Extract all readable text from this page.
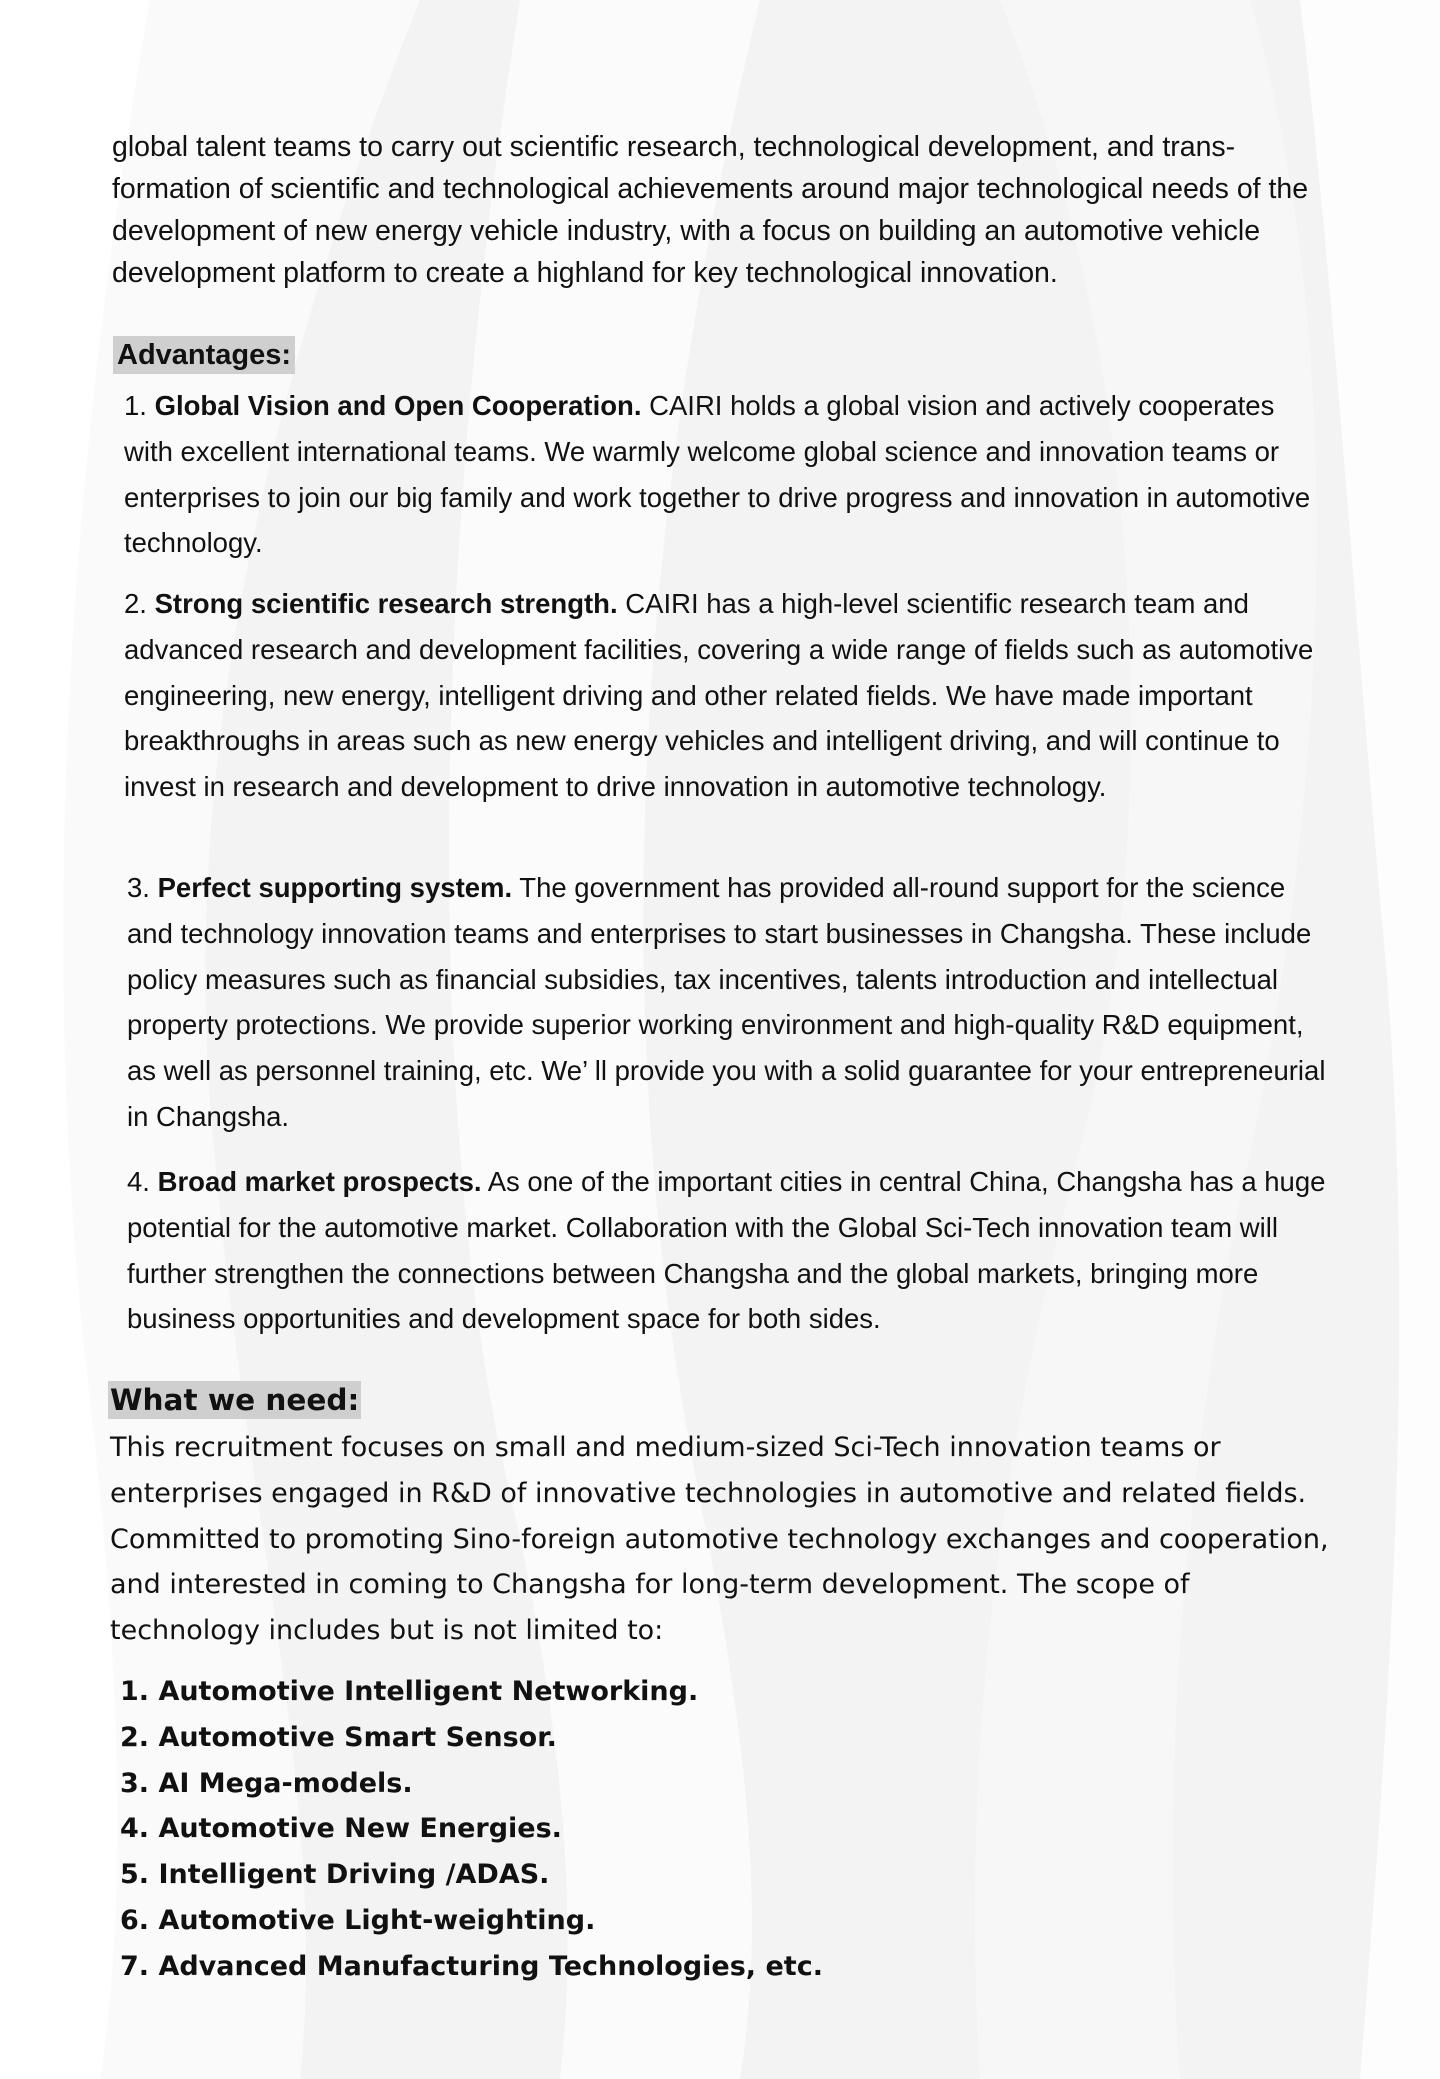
global talent teams to carry out scientific research, technological development, and trans-formation of scientific and technological achievements around major technological needs of the development of new energy vehicle industry, with a focus on building an automotive vehicle development platform to create a highland for key technological innovation.

Advantages:

1. Global Vision and Open Cooperation. CAIRI holds a global vision and actively cooperates with excellent international teams. We warmly welcome global science and innovation teams or enterprises to join our big family and work together to drive progress and innovation in automotive technology.

2. Strong scientific research strength. CAIRI has a high-level scientific research team and advanced research and development facilities, covering a wide range of fields such as automotive engineering, new energy, intelligent driving and other related fields. We have made important breakthroughs in areas such as new energy vehicles and intelligent driving, and will continue to invest in research and development to drive innovation in automotive technology.

3. Perfect supporting system. The government has provided all-round support for the science and technology innovation teams and enterprises to start businesses in Changsha. These include policy measures such as financial subsidies, tax incentives, talents introduction and intellectual property protections. We provide superior working environment and high-quality R&D equipment, as well as personnel training, etc. We’ ll provide you with a solid guarantee for your entrepreneurial in Changsha.

4. Broad market prospects. As one of the important cities in central China, Changsha has a huge potential for the automotive market. Collaboration with the Global Sci-Tech innovation team will further strengthen the connections between Changsha and the global markets, bringing more business opportunities and development space for both sides.

What we need:

This recruitment focuses on small and medium-sized Sci-Tech innovation teams or enterprises engaged in R&D of innovative technologies in automotive and related fields. Committed to promoting Sino-foreign automotive technology exchanges and cooperation, and interested in coming to Changsha for long-term development. The scope of technology includes but is not limited to:

1. Automotive Intelligent Networking.
2. Automotive Smart Sensor.
3. AI Mega-models.
4. Automotive New Energies.
5. Intelligent Driving /ADAS.
6. Automotive Light-weighting.
7. Advanced Manufacturing Technologies, etc.
